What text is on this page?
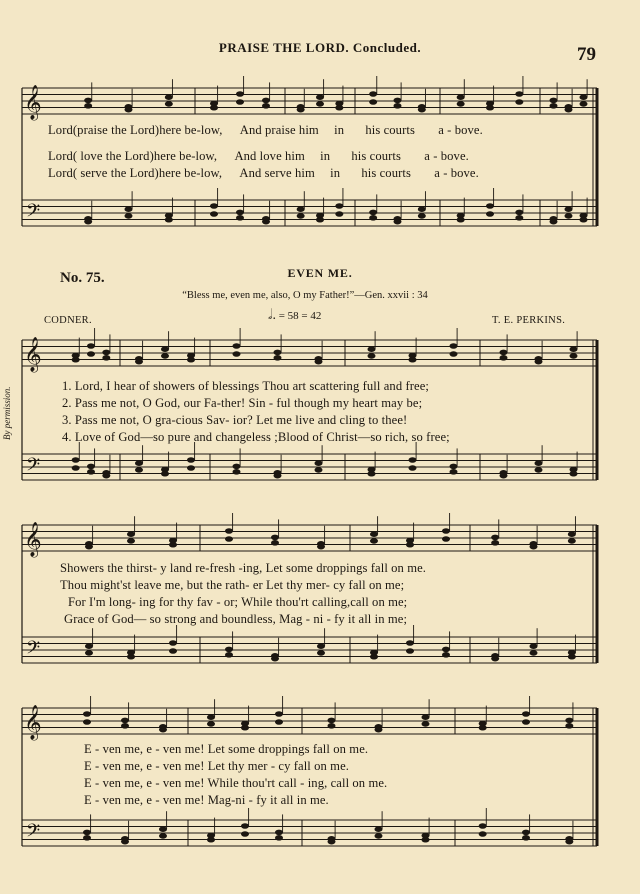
PRAISE THE LORD. Concluded.	79
𝄞
𝄢
𝄞
𝄢
𝄞
𝄢
𝄞
𝄢
Lord(praise the Lord)here be-low, And praise him in his courts a - bove.
Lord( love the Lord)here be-low, And love him in his courts a - bove.
Lord( serve the Lord)here be-low, And serve him in his courts a - bove.
No. 75.	EVEN ME.
“Bless me, even me, also, O my Father!”—Gen. xxvii : 34
CODNER.	T. E. PERKINS.
𝅗𝅥. = 58 = 42
By permission.
1. Lord, I hear of showers of blessings Thou art scattering full and free;
2. Pass me not, O God, our Fa-ther! Sin - ful though my heart may be;
3. Pass me not, O gra-cious Sav- ior? Let me live and cling to thee!
4. Love of God—so pure and changeless ;Blood of Christ—so rich, so free;
Showers the thirst- y land re-fresh -ing, Let some droppings fall on me.
Thou might'st leave me, but the rath- er Let thy mer- cy fall on me;
For I'm long- ing for thy fav - or; While thou'rt calling,call on me;
Grace of God— so strong and boundless, Mag - ni - fy it all in me;
E - ven me, e - ven me! Let some droppings fall on me.
E - ven me, e - ven me! Let thy mer - cy fall on me.
E - ven me, e - ven me! While thou'rt call - ing, call on me.
E - ven me, e - ven me! Mag-ni - fy it all in me.
